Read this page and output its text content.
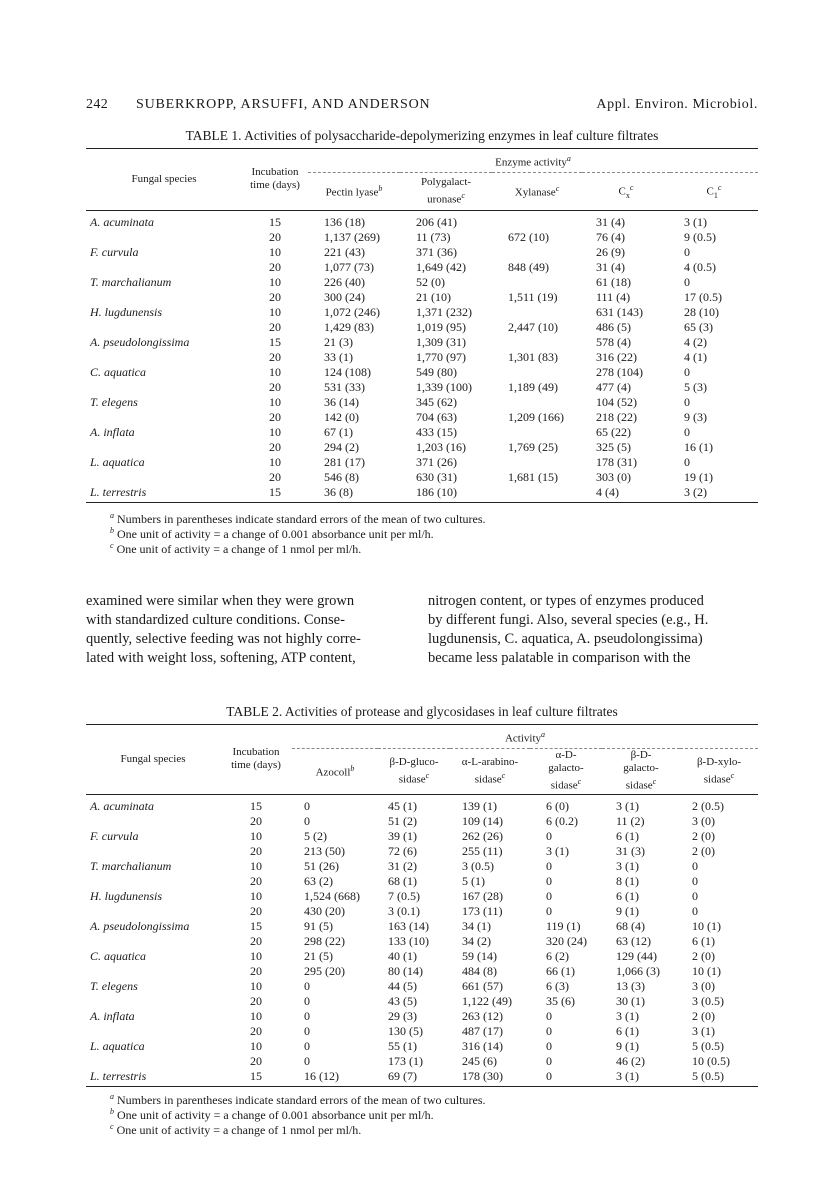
242 SUBERKROPP, ARSUFFI, AND ANDERSON	Appl. Environ. Microbiol.
TABLE 1. Activities of polysaccharide-depolymerizing enzymes in leaf culture filtrates
Fungal species	Incubation
time (days)	Enzyme activity$^a$
		Pectin lyase$^b$	Polygalact-
uronase$^c$	Xylanase$^c$	$C_x^c$	$C_1^c$
A. acuminata	15	136 (18)	206 (41)		31 (4)	3 (1)
	20	1,137 (269)	11 (73)	672 (10)	76 (4)	9 (0.5)
F. curvula	10	221 (43)	371 (36)		26 (9)	0
	20	1,077 (73)	1,649 (42)	848 (49)	31 (4)	4 (0.5)
T. marchalianum	10	226 (40)	52 (0)		61 (18)	0
	20	300 (24)	21 (10)	1,511 (19)	111 (4)	17 (0.5)
H. lugdunensis	10	1,072 (246)	1,371 (232)		631 (143)	28 (10)
	20	1,429 (83)	1,019 (95)	2,447 (10)	486 (5)	65 (3)
A. pseudolongissima	15	21 (3)	1,309 (31)		578 (4)	4 (2)
	20	33 (1)	1,770 (97)	1,301 (83)	316 (22)	4 (1)
C. aquatica	10	124 (108)	549 (80)		278 (104)	0
	20	531 (33)	1,339 (100)	1,189 (49)	477 (4)	5 (3)
T. elegens	10	36 (14)	345 (62)		104 (52)	0
	20	142 (0)	704 (63)	1,209 (166)	218 (22)	9 (3)
A. inflata	10	67 (1)	433 (15)		65 (22)	0
	20	294 (2)	1,203 (16)	1,769 (25)	325 (5)	16 (1)
L. aquatica	10	281 (17)	371 (26)		178 (31)	0
	20	546 (8)	630 (31)	1,681 (15)	303 (0)	19 (1)
L. terrestris	15	36 (8)	186 (10)		4 (4)	3 (2)
$^a$ Numbers in parentheses indicate standard errors of the mean of two cultures.
$^b$ One unit of activity = a change of 0.001 absorbance unit per ml/h.
$^c$ One unit of activity = a change of 1 nmol per ml/h.
examined were similar when they were grown
with standardized culture conditions. Conse-
quently, selective feeding was not highly corre-
lated with weight loss, softening, ATP content,
nitrogen content, or types of enzymes produced
by different fungi. Also, several species (e.g., H.
lugdunensis, C. aquatica, A. pseudolongissima)
became less palatable in comparison with the
TABLE 2. Activities of protease and glycosidases in leaf culture filtrates
Fungal species	Incubation
time (days)	Activity$^a$
		Azocoll$^b$	β-D-gluco-
sidase$^c$	α-L-arabino-
sidase$^c$	α-D-
galacto-
sidase$^c$	β-D-
galacto-
sidase$^c$	β-D-xylo-
sidase$^c$
A. acuminata	15	0	45 (1)	139 (1)	6 (0)	3 (1)	2 (0.5)
	20	0	51 (2)	109 (14)	6 (0.2)	11 (2)	3 (0)
F. curvula	10	5 (2)	39 (1)	262 (26)	0	6 (1)	2 (0)
	20	213 (50)	72 (6)	255 (11)	3 (1)	31 (3)	2 (0)
T. marchalianum	10	51 (26)	31 (2)	3 (0.5)	0	3 (1)	0
	20	63 (2)	68 (1)	5 (1)	0	8 (1)	0
H. lugdunensis	10	1,524 (668)	7 (0.5)	167 (28)	0	6 (1)	0
	20	430 (20)	3 (0.1)	173 (11)	0	9 (1)	0
A. pseudolongissima	15	91 (5)	163 (14)	34 (1)	119 (1)	68 (4)	10 (1)
	20	298 (22)	133 (10)	34 (2)	320 (24)	63 (12)	6 (1)
C. aquatica	10	21 (5)	40 (1)	59 (14)	6 (2)	129 (44)	2 (0)
	20	295 (20)	80 (14)	484 (8)	66 (1)	1,066 (3)	10 (1)
T. elegens	10	0	44 (5)	661 (57)	6 (3)	13 (3)	3 (0)
	20	0	43 (5)	1,122 (49)	35 (6)	30 (1)	3 (0.5)
A. inflata	10	0	29 (3)	263 (12)	0	3 (1)	2 (0)
	20	0	130 (5)	487 (17)	0	6 (1)	3 (1)
L. aquatica	10	0	55 (1)	316 (14)	0	9 (1)	5 (0.5)
	20	0	173 (1)	245 (6)	0	46 (2)	10 (0.5)
L. terrestris	15	16 (12)	69 (7)	178 (30)	0	3 (1)	5 (0.5)
$^a$ Numbers in parentheses indicate standard errors of the mean of two cultures.
$^b$ One unit of activity = a change of 0.001 absorbance unit per ml/h.
$^c$ One unit of activity = a change of 1 nmol per ml/h.
